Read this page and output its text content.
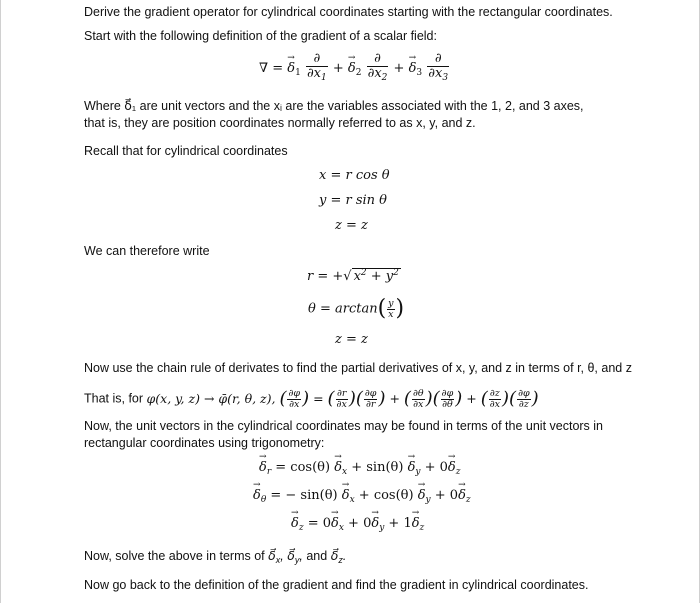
Derive the gradient operator for cylindrical coordinates starting with the rectangular coordinates.
Start with the following definition of the gradient of a scalar field:
∇ = → $\delta_1 \frac{\partial}{\partial x_1}$ + → $\delta_2 \frac{\partial}{\partial x_2}$ + → $\delta_3 \frac{\partial}{\partial x_3}$
Where δ⃗₁ are unit vectors and the xᵢ are the variables associated with the 1, 2, and 3 axes, that is, they are position coordinates normally referred to as x, y, and z.
Recall that for cylindrical coordinates
x = r cos θ
y = r sin θ
z = z
We can therefore write
r = +√ $x^2 + y^2$
$\theta = \arctan( \frac{y}{x}$ )
z = z
Now use the chain rule of derivates to find the partial derivatives of x, y, and z in terms of r, θ, and z
That is, for φ(x, y, z) → φ̄(r, θ, z), ( $\frac{\partial\varphi}{\partial x}$ ) = ( $\frac{\partial r}{\partial x}$ )( $\frac{\partial\varphi}{\partial r}$ ) + ( $\frac{\partial\theta}{\partial x}$ )( $\frac{\partial\varphi}{\partial\theta}$ ) + ( $\frac{\partial z}{\partial x}$ )( $\frac{\partial\varphi}{\partial z}$ )
Now, the unit vectors in the cylindrical coordinates may be found in terms of the unit vectors in rectangular coordinates using trigonometry:
→ $\delta_r = \cos(\theta) \to \delta_x + \sin(\theta) \to \delta_y + 0\to \delta_z$
→ $\delta_\theta$ = − $\sin(\theta) \to \delta_x + \cos(\theta) \to \delta_y + 0\to \delta_z$
→ $\delta_z = 0\to \delta_x + 0\to \delta_y + 1\to \delta_z$
Now, solve the above in terms of $\delta⃗_x$, $\delta⃗_y$, and $\delta⃗_z$.
Now go back to the definition of the gradient and find the gradient in cylindrical coordinates.
